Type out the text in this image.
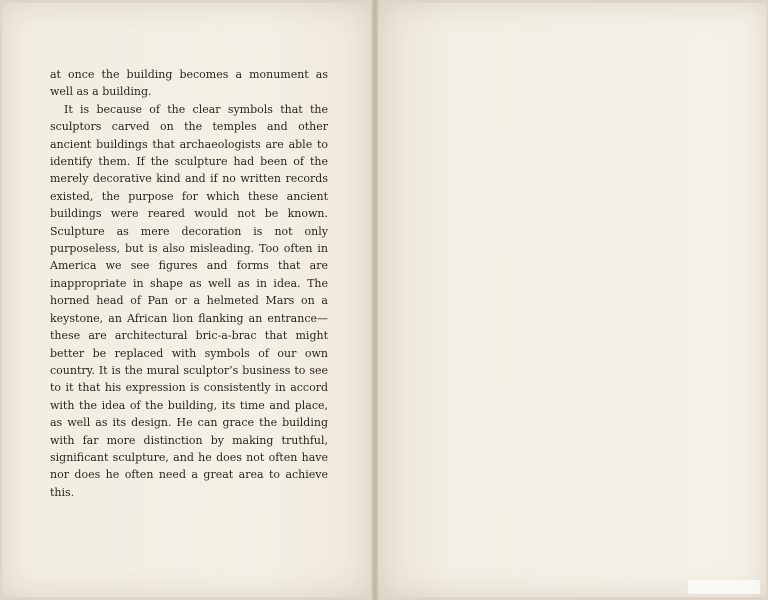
at once the building becomes a monument as well as a building.

It is because of the clear symbols that the sculptors carved on the temples and other ancient buildings that archaeologists are able to identify them. If the sculpture had been of the merely decorative kind and if no written records existed, the purpose for which these ancient buildings were reared would not be known. Sculpture as mere decoration is not only purposeless, but is also misleading. Too often in America we see figures and forms that are inappropriate in shape as well as in idea. The horned head of Pan or a helmeted Mars on a keystone, an African lion flanking an entrance—these are architectural bric-a-brac that might better be replaced with symbols of our own country. It is the mural sculptor’s business to see to it that his expression is consistently in accord with the idea of the building, its time and place, as well as its design. He can grace the building with far more distinction by making truthful, significant sculpture, and he does not often have nor does he often need a great area to achieve this.
